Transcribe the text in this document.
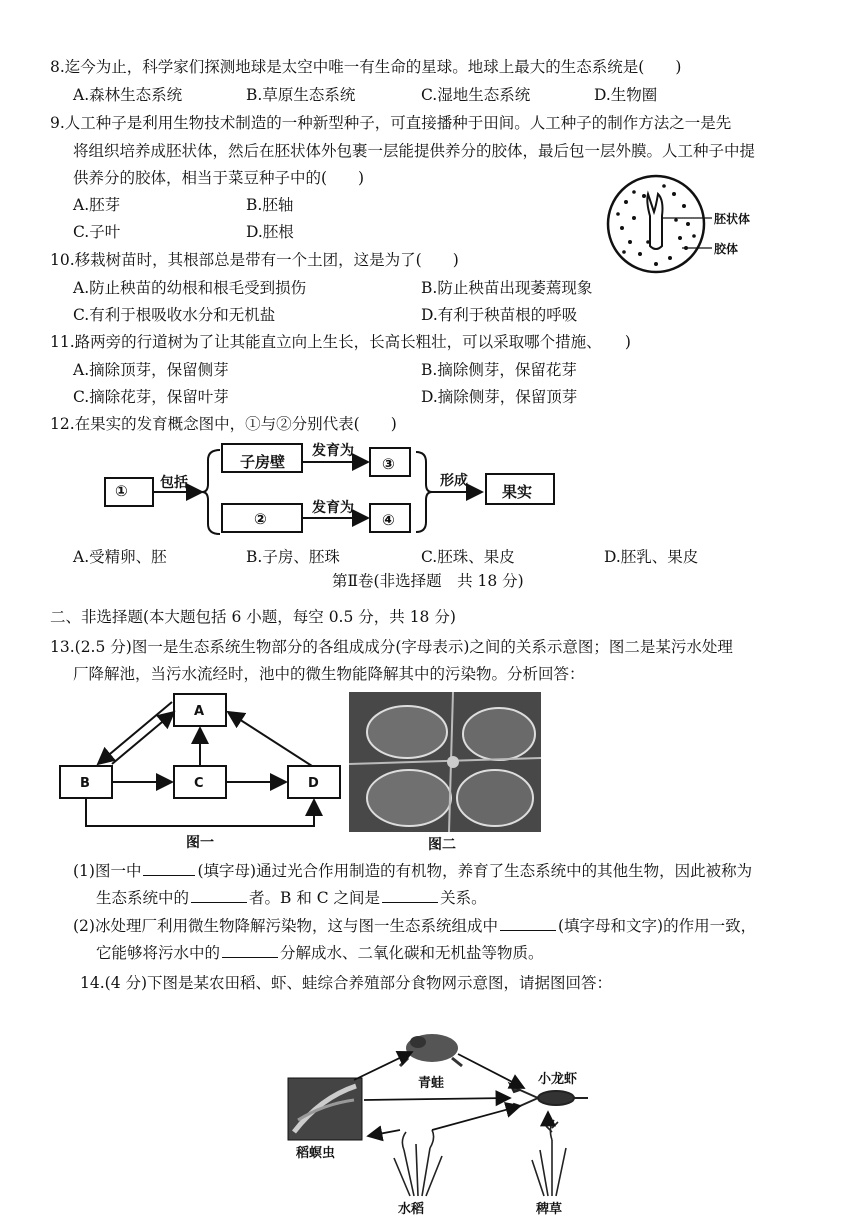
8.迄今为止，科学家们探测地球是太空中唯一有生命的星球。地球上最大的生态系统是(　　)
A.森林生态系统	B.草原生态系统	C.湿地生态系统	D.生物圈
9.人工种子是利用生物技术制造的一种新型种子，可直接播种于田间。人工种子的制作方法之一是先
将组织培养成胚状体，然后在胚状体外包裹一层能提供养分的胶体，最后包一层外膜。人工种子中提
供养分的胶体，相当于菜豆种子中的(　　)
A.胚芽	B.胚轴
C.子叶	D.胚根
胚状体
胶体
10.移栽树苗时，其根部总是带有一个土团，这是为了(　　)
A.防止秧苗的幼根和根毛受到损伤	B.防止秧苗出现萎蔫现象
C.有利于根吸收水分和无机盐	D.有利于秧苗根的呼吸
11.路两旁的行道树为了让其能直立向上生长，长高长粗壮，可以采取哪个措施、　　)
A.摘除顶芽，保留侧芽	B.摘除侧芽，保留花芽
C.摘除花芽，保留叶芽	D.摘除侧芽，保留顶芽
12.在果实的发育概念图中，①与②分别代表(　　)
① 包括
子房壁
发育为
③
②
发育为
④
形成
果实
A.受精卵、胚	B.子房、胚珠	C.胚珠、果皮	D.胚乳、果皮
第Ⅱ卷(非选择题　共 18 分)
二、非选择题(本大题包括 6 小题，每空 0.5 分，共 18 分)
13.(2.5 分)图一是生态系统生物部分的各组成成分(字母表示)之间的关系示意图；图二是某污水处理
厂降解池，当污水流经时，池中的微生物能降解其中的污染物。分析回答：
A
B	C	D
图一	图二
(1)图一中	(填字母)通过光合作用制造的有机物，养育了生态系统中的其他生物，因此被称为
生态系统中的	者。B 和 C 之间是	关系。
(2)冰处理厂利用微生物降解污染物，这与图一生态系统组成中	(填字母和文字)的作用一致，
它能够将污水中的	分解成水、二氧化碳和无机盐等物质。
14.(4 分)下图是某农田稻、虾、蛙综合养殖部分食物网示意图，请据图回答：
青蛙	小龙虾
稻螟虫
水稻	稗草
